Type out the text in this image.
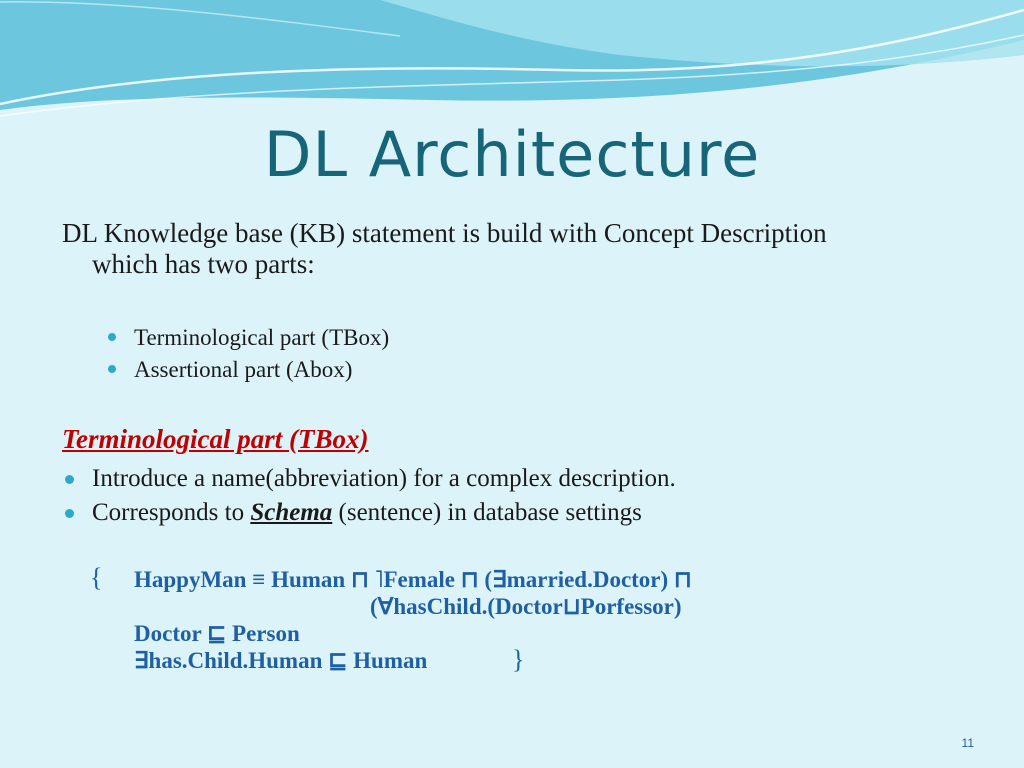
DL Architecture
DL Knowledge base (KB) statement is build with Concept Description which has two parts:
Terminological part (TBox)
Assertional part (Abox)
Terminological part (TBox)
Introduce a name(abbreviation) for a complex description.
Corresponds to Schema (sentence) in database settings
{ HappyMan ≡ Human ⊓ ˥Female ⊓ (∃married.Doctor) ⊓
(∀hasChild.(Doctor⊔Porfessor)
Doctor ⊑ Person
∃has.Child.Human ⊑ Human	}
11
